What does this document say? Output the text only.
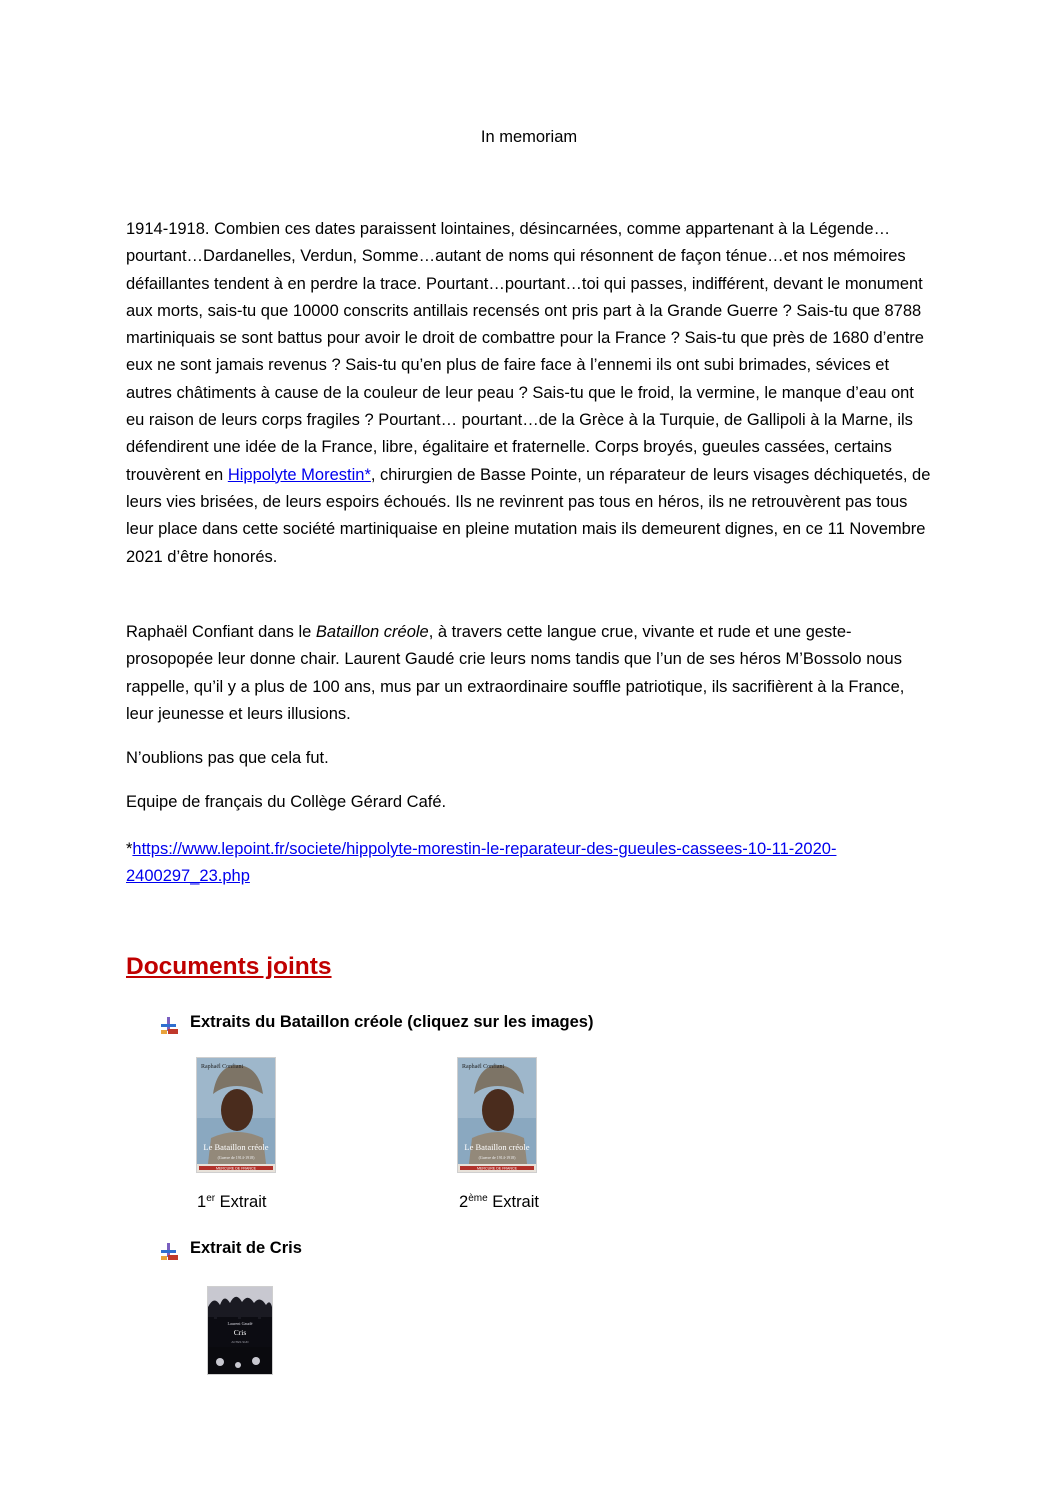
In memoriam

1914-1918. Combien ces dates paraissent lointaines, désincarnées, comme appartenant à la Légende…pourtant…Dardanelles, Verdun, Somme…autant de noms qui résonnent de façon ténue…et nos mémoires défaillantes tendent à en perdre la trace. Pourtant…pourtant…toi qui passes, indifférent, devant le monument aux morts, sais-tu que 10000 conscrits antillais recensés ont pris part à la Grande Guerre ? Sais-tu que 8788 martiniquais se sont battus pour avoir le droit de combattre pour la France ? Sais-tu que près de 1680 d’entre eux ne sont jamais revenus ? Sais-tu qu’en plus de faire face à l’ennemi ils ont subi brimades, sévices et autres châtiments à cause de la couleur de leur peau ? Sais-tu que le froid, la vermine, le manque d’eau ont eu raison de leurs corps fragiles ? Pourtant… pourtant…de la Grèce à la Turquie, de Gallipoli à la Marne, ils défendirent une idée de la France, libre, égalitaire et fraternelle. Corps broyés, gueules cassées, certains trouvèrent en Hippolyte Morestin*, chirurgien de Basse Pointe, un réparateur de leurs visages déchiquetés, de leurs vies brisées, de leurs espoirs échoués. Ils ne revinrent pas tous en héros, ils ne retrouvèrent pas tous leur place dans cette société martiniquaise en pleine mutation mais ils demeurent dignes, en ce 11 Novembre 2021 d’être honorés.

Raphaël Confiant dans le Bataillon créole, à travers cette langue crue, vivante et rude et une geste-prosopopée leur donne chair. Laurent Gaudé crie leurs noms tandis que l’un de ses héros M’Bossolo nous rappelle, qu’il y a plus de 100 ans, mus par un extraordinaire souffle patriotique, ils sacrifièrent à la France, leur jeunesse et leurs illusions.

N’oublions pas que cela fut.

Equipe de français du Collège Gérard Café.

*https://www.lepoint.fr/societe/hippolyte-morestin-le-reparateur-des-gueules-cassees-10-11-2020-2400297_23.php

Documents joints
Extraits du Bataillon créole (cliquez sur les images)
Raphaël Confiant
Le Bataillon créole
(Guerre de 1914-1918)
MERCURE DE FRANCE
1er Extrait
Raphaël Confiant
Le Bataillon créole
(Guerre de 1914-1918)
MERCURE DE FRANCE
2ème Extrait
Extrait de Cris
Laurent Gaudé
Cris
ACTES SUD
